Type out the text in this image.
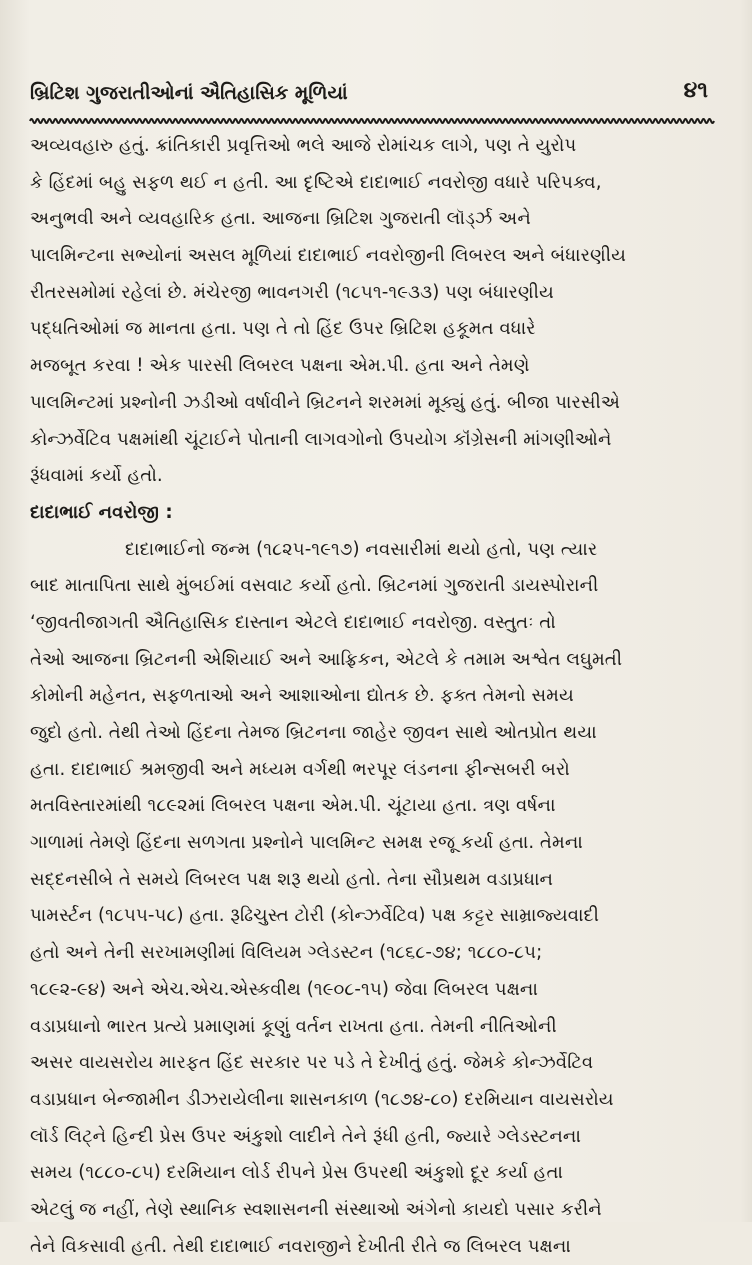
બ્રિટિશ ગુજરાતીઓનાં ઐતિહાસિક મૂળિયાં	૪૧
અવ્યવહારુ હતું. ક્રાંતિકારી પ્રવૃત્તિઓ ભલે આજે રોમાંચક લાગે, પણ તે યુરોપ
કે હિંદમાં બહુ સફળ થઈ ન હતી. આ દૃષ્ટિએ દાદાભાઈ નવરોજી વધારે પરિપક્વ,
અનુભવી અને વ્યવહારિક હતા. આજના બ્રિટિશ ગુજરાતી લૉર્ડ્ઝ અને
પાલમિન્ટના સભ્યોનાં અસલ મૂળિયાં દાદાભાઈ નવરોજીની લિબરલ અને બંધારણીય
રીતરસમોમાં રહેલાં છે. મંચેરજી ભાવનગરી (૧૮૫૧-૧૯૩૩) પણ બંધારણીય
પદ્ધતિઓમાં જ માનતા હતા. પણ તે તો હિંદ ઉપર બ્રિટિશ હકૂમત વધારે
મજબૂત કરવા ! એક પારસી લિબરલ પક્ષના એમ.પી. હતા અને તેમણે
પાલમિન્ટમાં પ્રશ્નોની ઝડીઓ વર્ષાવીને બ્રિટનને શરમમાં મૂક્યું હતું. બીજા પારસીએ
કોન્ઝર્વેટિવ પક્ષમાંથી ચૂંટાઈને પોતાની લાગવગોનો ઉપયોગ કૉંગ્રેસની માંગણીઓને
રૂંધવામાં કર્યો હતો.
દાદાભાઈ નવરોજી :
દાદાભાઈનો જન્મ (૧૮૨૫-૧૯૧૭) નવસારીમાં થયો હતો, પણ ત્યાર
બાદ માતાપિતા સાથે મુંબઈમાં વસવાટ કર્યો હતો. બ્રિટનમાં ગુજરાતી ડાયસ્પોરાની
‘જીવતીજાગતી ઐતિહાસિક દાસ્તાન એટલે દાદાભાઈ નવરોજી. વસ્તુતઃ તો
તેઓ આજના બ્રિટનની એશિયાઈ અને આફ્રિકન, એટલે કે તમામ અશ્વેત લઘુમતી
કોમોની મહેનત, સફળતાઓ અને આશાઓના દ્યોતક છે. ફક્ત તેમનો સમય
જુદો હતો. તેથી તેઓ હિંદના તેમજ બ્રિટનના જાહેર જીવન સાથે ઓતપ્રોત થયા
હતા. દાદાભાઈ શ્રમજીવી અને મધ્યમ વર્ગથી ભરપૂર લંડનના ફીન્સબરી બરો
મતવિસ્તારમાંથી ૧૮૯૨માં લિબરલ પક્ષના એમ.પી. ચૂંટાયા હતા. ત્રણ વર્ષના
ગાળામાં તેમણે હિંદના સળગતા પ્રશ્નોને પાલમિન્ટ સમક્ષ રજૂ કર્યા હતા. તેમના
સદ્દનસીબે તે સમયે લિબરલ પક્ષ શરૂ થયો હતો. તેના સૌપ્રથમ વડાપ્રધાન
પામર્સ્ટન (૧૮૫૫-૫૮) હતા. રૂઢિચુસ્ત ટોરી (કોન્ઝર્વેટિવ) પક્ષ કટ્ટર સામ્રાજ્યવાદી
હતો અને તેની સરખામણીમાં વિલિયમ ગ્લેડસ્ટન (૧૮૬૮-૭૪; ૧૮૮૦-૮૫;
૧૮૯૨-૯૪) અને એચ.એચ.એસ્કવીથ (૧૯૦૮-૧૫) જેવા લિબરલ પક્ષના
વડાપ્રધાનો ભારત પ્રત્યે પ્રમાણમાં કૂણું વર્તન રાખતા હતા. તેમની નીતિઓની
અસર વાયસરોય મારફત હિંદ સરકાર પર પડે તે દેખીતું હતું. જેમકે કોન્ઝર્વેટિવ
વડાપ્રધાન બેન્જામીન ડીઝરાયેલીના શાસનકાળ (૧૮૭૪-૮૦) દરમિયાન વાયસરોય
લૉર્ડ લિટ્ને હિન્દી પ્રેસ ઉપર અંકુશો લાદીને તેને રૂંધી હતી, જ્યારે ગ્લેડસ્ટનના
સમય (૧૮૮૦-૮૫) દરમિયાન લોર્ડ રીપને પ્રેસ ઉપરથી અંકુશો દૂર કર્યા હતા
એટલું જ નહીં, તેણે સ્થાનિક સ્વશાસનની સંસ્થાઓ અંગેનો કાયદો પસાર કરીને
તેને વિકસાવી હતી. તેથી દાદાભાઈ નવરાજીને દેખીતી રીતે જ લિબરલ પક્ષના
